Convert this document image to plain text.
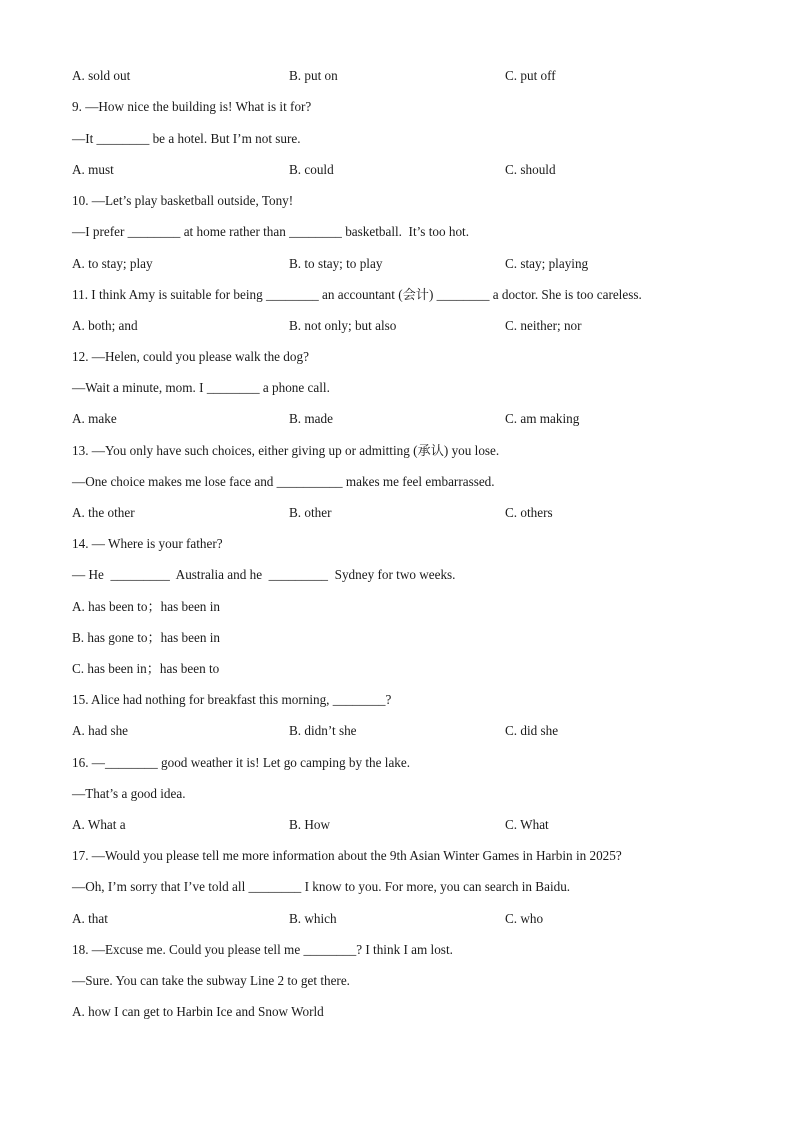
A. sold out	B. put on	C. put off
9. —How nice the building is! What is it for?
—It ________ be a hotel. But I’m not sure.
A. must	B. could	C. should
10. —Let’s play basketball outside, Tony!
—I prefer ________ at home rather than ________ basketball.  It’s too hot.
A. to stay; play	B. to stay; to play	C. stay; playing
11. I think Amy is suitable for being ________ an accountant (会计) ________ a doctor. She is too careless.
A. both; and	B. not only; but also	C. neither; nor
12. —Helen, could you please walk the dog?
—Wait a minute, mom. I ________ a phone call.
A. make	B. made	C. am making
13. —You only have such choices, either giving up or admitting (承认) you lose.
—One choice makes me lose face and __________ makes me feel embarrassed.
A. the other	B. other	C. others
14. — Where is your father?
— He  _________  Australia and he  _________  Sydney for two weeks.
A. has been to；has been in
B. has gone to；has been in
C. has been in；has been to
15. Alice had nothing for breakfast this morning, ________?
A. had she	B. didn’t she	C. did she
16. —________ good weather it is! Let go camping by the lake.
—That’s a good idea.
A. What a	B. How	C. What
17. —Would you please tell me more information about the 9th Asian Winter Games in Harbin in 2025?
—Oh, I’m sorry that I’ve told all ________ I know to you. For more, you can search in Baidu.
A. that	B. which	C. who
18. —Excuse me. Could you please tell me ________? I think I am lost.
—Sure. You can take the subway Line 2 to get there.
A. how I can get to Harbin Ice and Snow World
